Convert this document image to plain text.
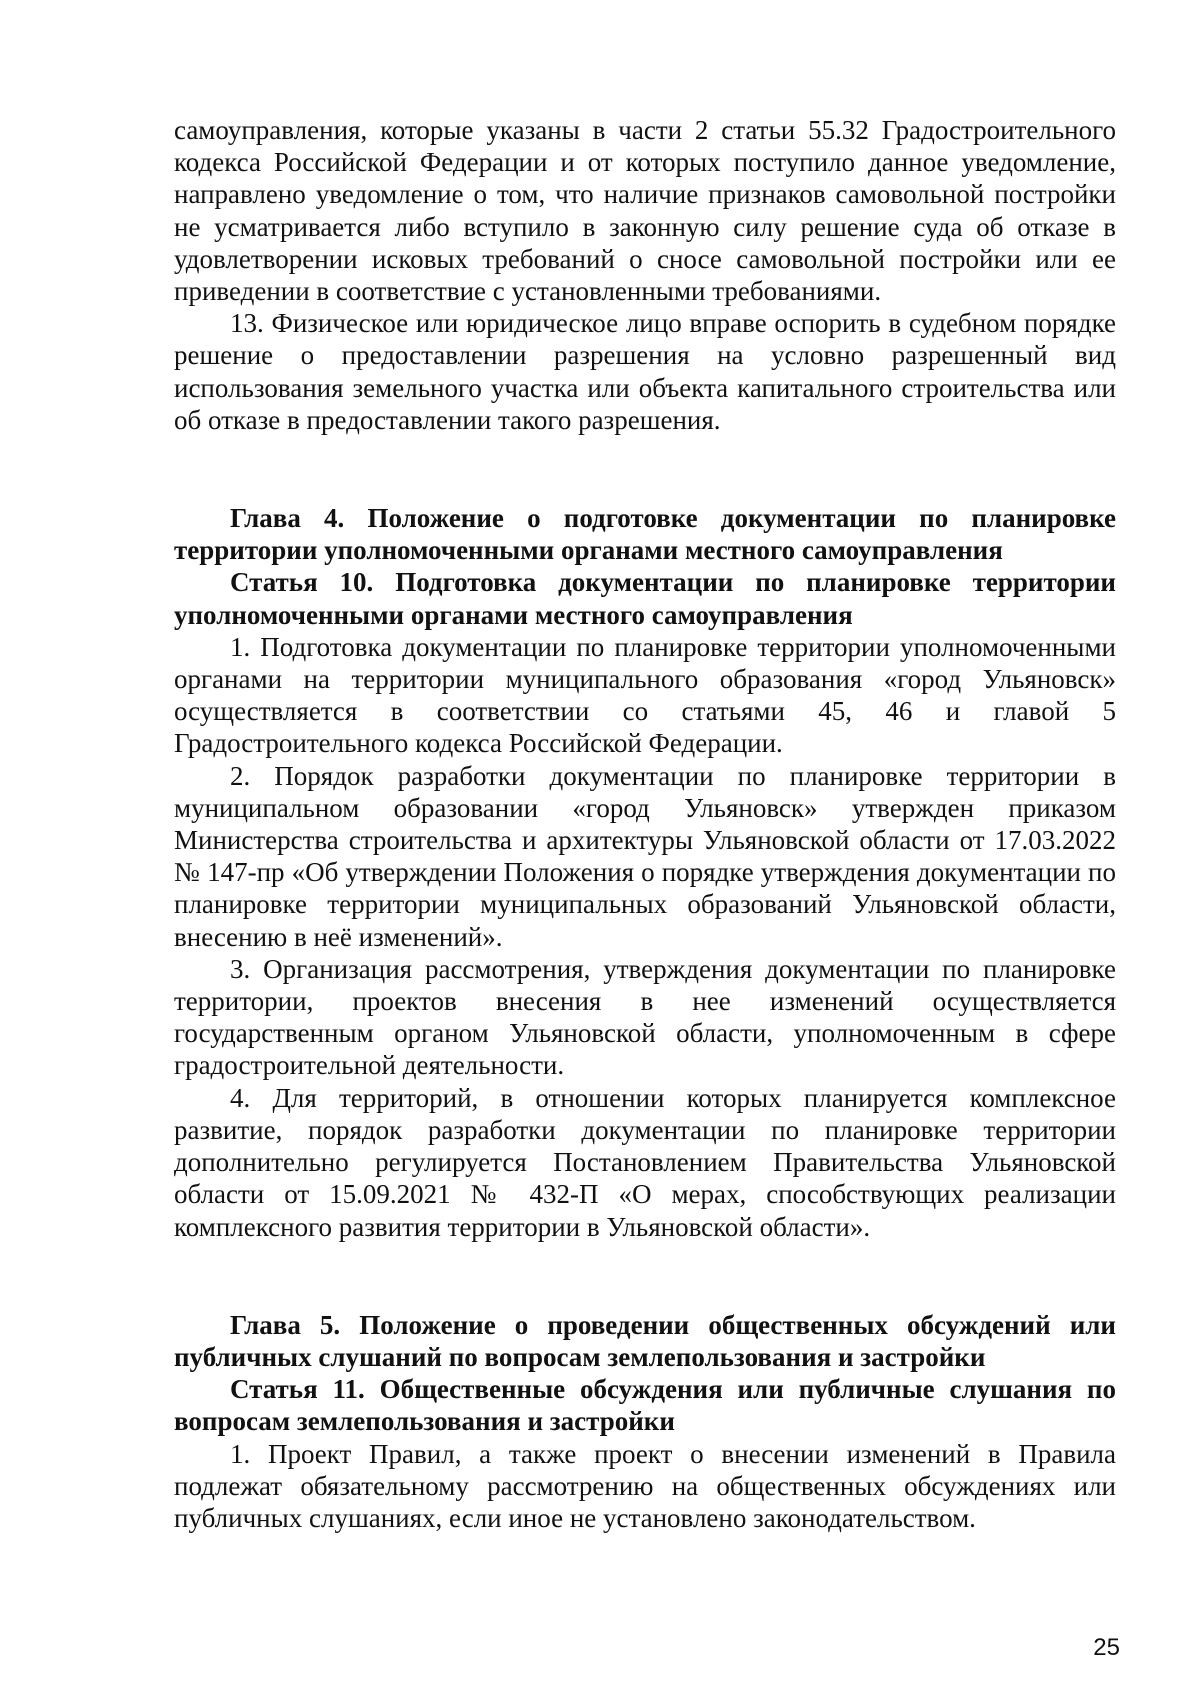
самоуправления, которые указаны в части 2 статьи 55.32 Градостроительного кодекса Российской Федерации и от которых поступило данное уведомление, направлено уведомление о том, что наличие признаков самовольной постройки не усматривается либо вступило в законную силу решение суда об отказе в удовлетворении исковых требований о сносе самовольной постройки или ее приведении в соответствие с установленными требованиями.

13. Физическое или юридическое лицо вправе оспорить в судебном порядке решение о предоставлении разрешения на условно разрешенный вид использования земельного участка или объекта капитального строительства или об отказе в предоставлении такого разрешения.

Глава 4. Положение о подготовке документации по планировке территории уполномоченными органами местного самоуправления
Статья 10. Подготовка документации по планировке территории уполномоченными органами местного самоуправления

1. Подготовка документации по планировке территории уполномоченными органами на территории муниципального образования «город Ульяновск» осуществляется в соответствии со статьями 45, 46 и главой 5 Градостроительного кодекса Российской Федерации.

2. Порядок разработки документации по планировке территории в муниципальном образовании «город Ульяновск» утвержден приказом Министерства строительства и архитектуры Ульяновской области от 17.03.2022 № 147-пр «Об утверждении Положения о порядке утверждения документации по планировке территории муниципальных образований Ульяновской области, внесению в неё изменений».

3. Организация рассмотрения, утверждения документации по планировке территории, проектов внесения в нее изменений осуществляется государственным органом Ульяновской области, уполномоченным в сфере градостроительной деятельности.

4. Для территорий, в отношении которых планируется комплексное развитие, порядок разработки документации по планировке территории дополнительно регулируется Постановлением Правительства Ульяновской области от 15.09.2021 № 432-П «О мерах, способствующих реализации комплексного развития территории в Ульяновской области».

Глава 5. Положение о проведении общественных обсуждений или публичных слушаний по вопросам землепользования и застройки
Статья 11. Общественные обсуждения или публичные слушания по вопросам землепользования и застройки

1. Проект Правил, а также проект о внесении изменений в Правила подлежат обязательному рассмотрению на общественных обсуждениях или публичных слушаниях, если иное не установлено законодательством.

25
